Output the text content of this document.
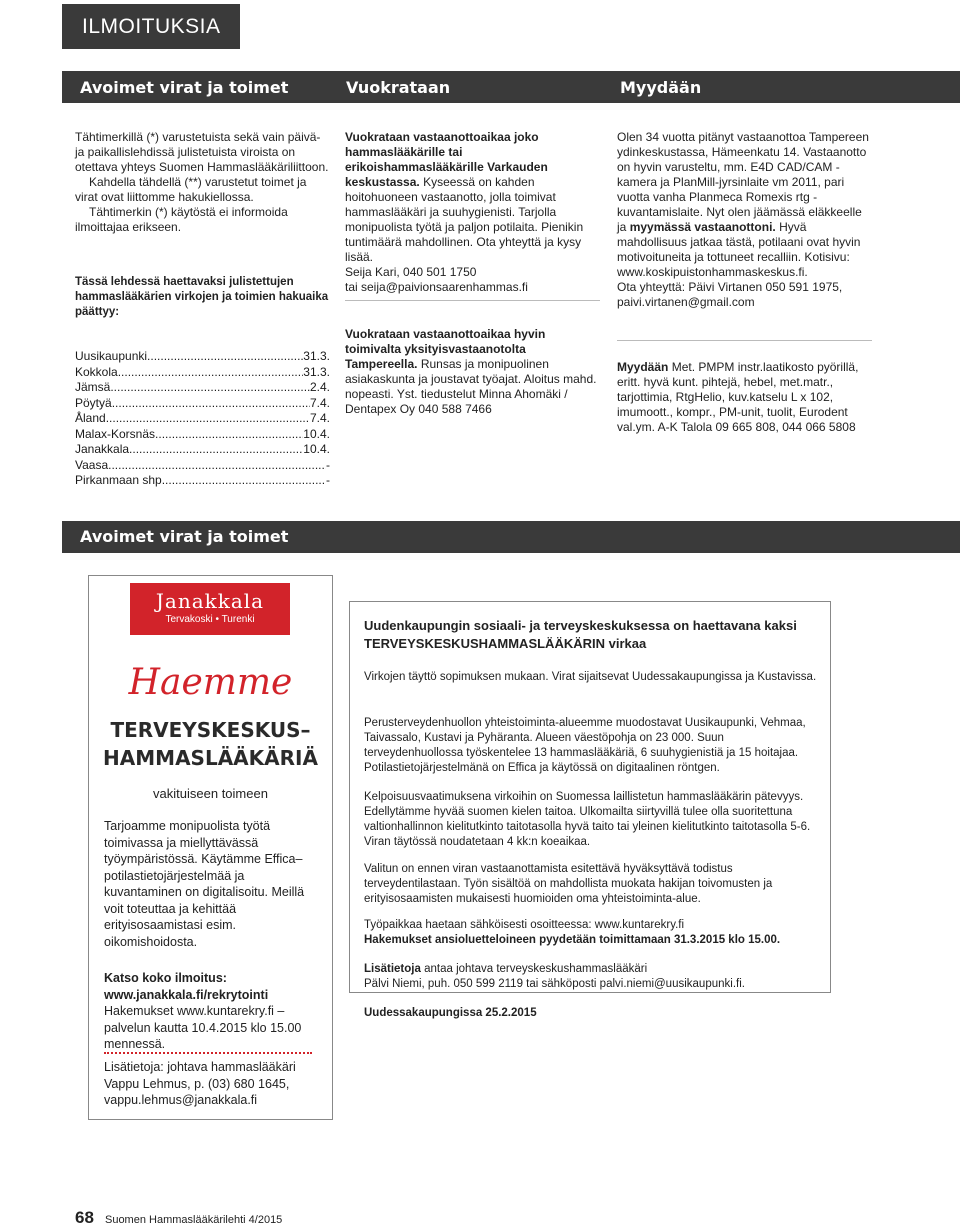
ILMOITUKSIA
Avoimet virat ja toimet	Vuokrataan	Myydään

Tähtimerkillä (*) varustetuista sekä vain päivä- ja paikallislehdissä julistetuista viroista on otettava yhteys Suomen Hammaslääkäriliittoon.

Kahdella tähdellä (**) varustetut toimet ja virat ovat liittomme hakukiellossa.

Tähtimerkin (*) käytöstä ei informoida ilmoittajaa erikseen.

Tässä lehdessä haettavaksi julistettujen hammaslääkärien virkojen ja toimien hakuaika päättyy:
Uusikaupunki .....	31.3.
Kokkola .....	31.3.
Jämsä .....	2.4.
Pöytyä .....	7.4.
Åland .....	7.4.
Malax-Korsnäs .....	10.4.
Janakkala .....	10.4.
Vaasa .....	-
Pirkanmaan shp. .....	-
Vuokrataan vastaanottoaikaa joko hammaslääkärille tai erikoishammaslääkärille Varkauden keskustassa. Kyseessä on kahden hoitohuoneen vastaanotto, jolla toimivat hammaslääkäri ja suuhygienisti. Tarjolla monipuolista työtä ja paljon potilaita. Pienikin tuntimäärä mahdollinen. Ota yhteyttä ja kysy lisää.

Seija Kari, 040 501 1750

tai seija@paivionsaarenhammas.fi

Vuokrataan vastaanottoaikaa hyvin toimivalta yksityisvastaanotolta Tampereella. Runsas ja monipuolinen asiakaskunta ja joustavat työajat. Aloitus mahd. nopeasti. Yst. tiedustelut Minna Ahomäki / Dentapex Oy 040 588 7466
Olen 34 vuotta pitänyt vastaanottoa Tampereen ydinkeskustassa, Hämeenkatu 14. Vastaanotto on hyvin varusteltu, mm. E4D CAD/CAM - kamera ja PlanMill-jyrsinlaite vm 2011, pari vuotta vanha Planmeca Romexis rtg -kuvantamislaite. Nyt olen jäämässä eläkkeelle ja myymässä vastaanottoni. Hyvä mahdollisuus jatkaa tästä, potilaani ovat hyvin motivoituneita ja tottuneet recalliin. Kotisivu: www.koskipuistonhammaskeskus.fi.

Ota yhteyttä: Päivi Virtanen 050 591 1975, paivi.virtanen@gmail.com

Myydään Met. PMPM instr.laatikosto pyörillä, eritt. hyvä kunt. pihtejä, hebel, met.matr., tarjottimia, RtgHelio, kuv.katselu L x 102, imumoott., kompr., PM-unit, tuolit, Eurodent val.ym. A-K Talola 09 665 808, 044 066 5808
Avoimet virat ja toimet
Janakkala
Tervakoski • Turenki
Haemme
TERVEYSKESKUS–
HAMMASLÄÄKÄRIÄ
vakituiseen toimeen
Tarjoamme monipuolista työtä toimivassa ja miellyttävässä työympäristössä. Käytämme Effica–potilastietojärjestelmää ja kuvantaminen on digitalisoitu. Meillä voit toteuttaa ja kehittää erityisosaamistasi esim. oikomishoidosta.
Katso koko ilmoitus:
www.janakkala.fi/rekrytointi
Hakemukset www.kuntarekry.fi – palvelun kautta 10.4.2015 klo 15.00 mennessä.
Lisätietoja: johtava hammaslääkäri Vappu Lehmus, p. (03) 680 1645, vappu.lehmus@janakkala.fi
Uudenkaupungin sosiaali- ja terveyskeskuksessa on haettavana kaksi TERVEYSKESKUSHAMMASLÄÄKÄRIN virkaa
Virkojen täyttö sopimuksen mukaan. Virat sijaitsevat Uudessakaupungissa ja Kustavissa.
Perusterveydenhuollon yhteistoiminta-alueemme muodostavat Uusikaupunki, Vehmaa, Taivassalo, Kustavi ja Pyhäranta. Alueen väestöpohja on 23 000. Suun terveydenhuollossa työskentelee 13 hammaslääkäriä, 6 suuhygienistiä ja 15 hoitajaa. Potilastietojärjestelmänä on Effica ja käytössä on digitaalinen röntgen.
Kelpoisuusvaatimuksena virkoihin on Suomessa laillistetun hammaslääkärin pätevyys. Edellytämme hyvää suomen kielen taitoa. Ulkomailta siirtyvillä tulee olla suoritettuna valtionhallinnon kielitutkinto taitotasolla hyvä taito tai yleinen kielitutkinto taitotasolla 5-6. Viran täytössä noudatetaan 4 kk:n koeaikaa.
Valitun on ennen viran vastaanottamista esitettävä hyväksyttävä todistus terveydentilastaan. Työn sisältöä on mahdollista muokata hakijan toivomusten ja erityisosaamisten mukaisesti huomioiden oma yhteistoiminta-alue.
Työpaikkaa haetaan sähköisesti osoitteessa: www.kuntarekry.fi
Hakemukset ansioluetteloineen pyydetään toimittamaan 31.3.2015 klo 15.00.
Lisätietoja antaa johtava terveyskeskushammaslääkäri
Pälvi Niemi, puh. 050 599 2119 tai sähköposti palvi.niemi@uusikaupunki.fi.
Uudessakaupungissa 25.2.2015
68 Suomen Hammaslääkärilehti 4/2015
